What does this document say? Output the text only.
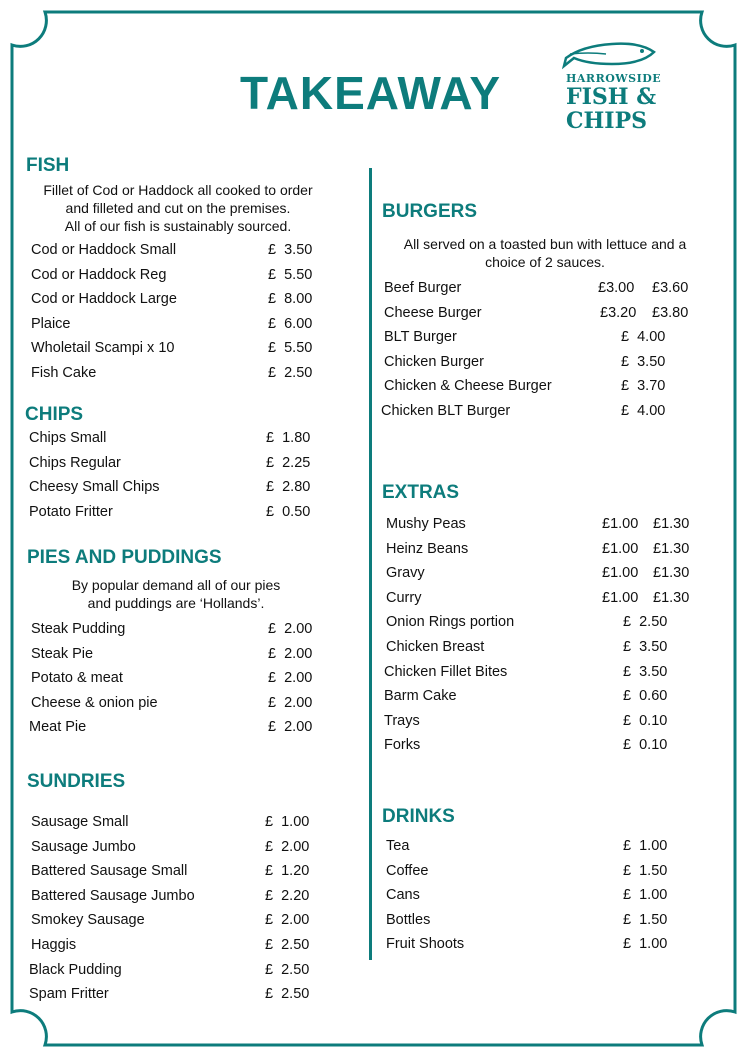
TAKEAWAY	HARROWSIDE
FISH &
CHIPS
FISH
Fillet of Cod or Haddock all cooked to order
and filleted and cut on the premises.
All of our fish is sustainably sourced.
Cod or Haddock Small	£  3.50
Cod or Haddock Reg	£  5.50
Cod or Haddock Large	£  8.00
Plaice	£  6.00
Wholetail Scampi x 10	£  5.50
Fish Cake	£  2.50
CHIPS
Chips Small	£  1.80
Chips Regular	£  2.25
Cheesy Small Chips	£  2.80
Potato Fritter	£  0.50
PIES AND PUDDINGS
By popular demand all of our pies
and puddings are ‘Hollands’.
Steak Pudding	£  2.00
Steak Pie	£  2.00
Potato & meat	£  2.00
Cheese & onion pie	£  2.00
Meat Pie	£  2.00
SUNDRIES
Sausage Small	£  1.00
Sausage Jumbo	£  2.00
Battered Sausage Small	£  1.20
Battered Sausage Jumbo	£  2.20
Smokey Sausage	£  2.00
Haggis	£  2.50
Black Pudding	£  2.50
Spam Fritter	£  2.50
BURGERS
All served on a toasted bun with lettuce and a
choice of 2 sauces.
Beef Burger	£3.00 £3.60
Cheese Burger	£3.20 £3.80
BLT Burger	£  4.00
Chicken Burger	£  3.50
Chicken & Cheese Burger	£  3.70
Chicken BLT Burger	£  4.00
EXTRAS
Mushy Peas	£1.00 £1.30
Heinz Beans	£1.00 £1.30
Gravy	£1.00 £1.30
Curry	£1.00 £1.30
Onion Rings portion	£  2.50
Chicken Breast	£  3.50
Chicken Fillet Bites	£  3.50
Barm Cake	£  0.60
Trays	£  0.10
Forks	£  0.10
DRINKS
Tea	£  1.00
Coffee	£  1.50
Cans	£  1.00
Bottles	£  1.50
Fruit Shoots	£  1.00
